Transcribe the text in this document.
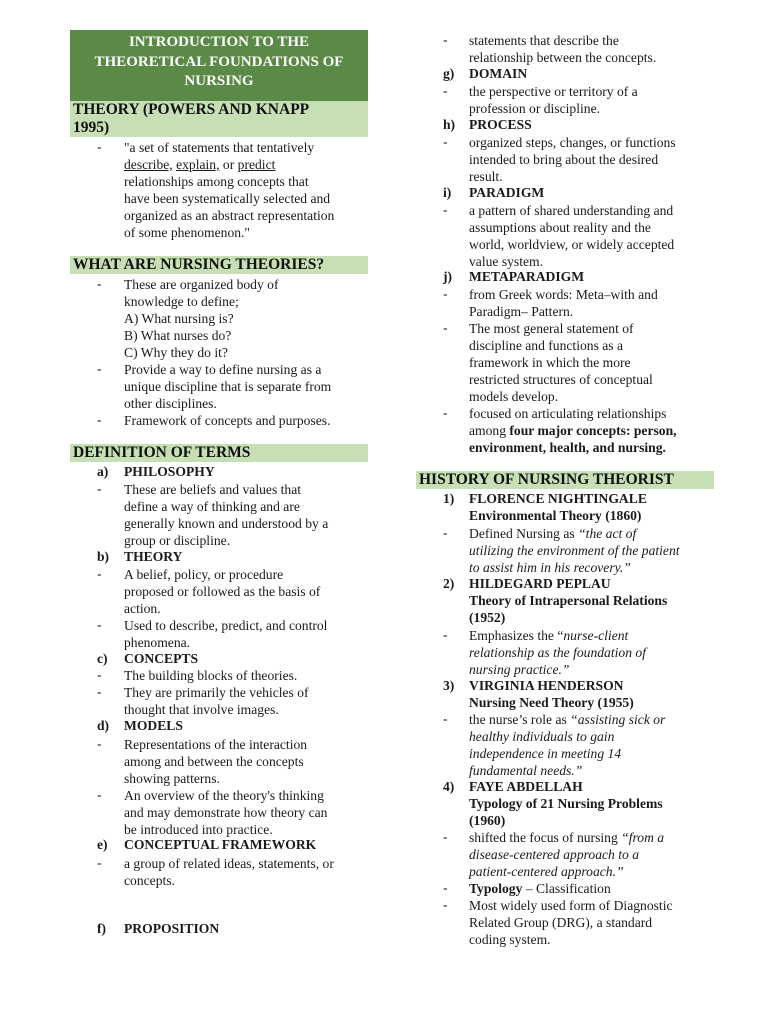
INTRODUCTION TO THE
THEORETICAL FOUNDATIONS OF
NURSING
THEORY (POWERS AND KNAPP
1995)
- "a set of statements that tentatively
describe, explain, or predict
relationships among concepts that
have been systematically selected and
organized as an abstract representation
of some phenomenon."
WHAT ARE NURSING THEORIES?
- These are organized body of
knowledge to define;
A) What nursing is?
B) What nurses do?
C) Why they do it?
- Provide a way to define nursing as a
unique discipline that is separate from
other disciplines.
- Framework of concepts and purposes.
DEFINITION OF TERMS
a) PHILOSOPHY
- These are beliefs and values that
define a way of thinking and are
generally known and understood by a
group or discipline.
b) THEORY
- A belief, policy, or procedure
proposed or followed as the basis of
action.
- Used to describe, predict, and control
phenomena.
c) CONCEPTS
- The building blocks of theories.
- They are primarily the vehicles of
thought that involve images.
d) MODELS
- Representations of the interaction
among and between the concepts
showing patterns.
- An overview of the theory's thinking
and may demonstrate how theory can
be introduced into practice.
e) CONCEPTUAL FRAMEWORK
- a group of related ideas, statements, or
concepts.
f) PROPOSITION
- statements that describe the
relationship between the concepts.
g) DOMAIN
- the perspective or territory of a
profession or discipline.
h) PROCESS
- organized steps, changes, or functions
intended to bring about the desired
result.
i) PARADIGM
- a pattern of shared understanding and
assumptions about reality and the
world, worldview, or widely accepted
value system.
j) METAPARADIGM
- from Greek words: Meta–with and
Paradigm– Pattern.
- The most general statement of
discipline and functions as a
framework in which the more
restricted structures of conceptual
models develop.
- focused on articulating relationships
among four major concepts: person,
environment, health, and nursing.
HISTORY OF NURSING THEORIST
1) FLORENCE NIGHTINGALE
Environmental Theory (1860)
- Defined Nursing as “the act of
utilizing the environment of the patient
to assist him in his recovery.”
2) HILDEGARD PEPLAU
Theory of Intrapersonal Relations
(1952)
- Emphasizes the “nurse-client
relationship as the foundation of
nursing practice.”
3) VIRGINIA HENDERSON
Nursing Need Theory (1955)
- the nurse’s role as “assisting sick or
healthy individuals to gain
independence in meeting 14
fundamental needs.”
4) FAYE ABDELLAH
Typology of 21 Nursing Problems
(1960)
- shifted the focus of nursing “from a
disease-centered approach to a
patient-centered approach.”
- Typology – Classification
- Most widely used form of Diagnostic
Related Group (DRG), a standard
coding system.
